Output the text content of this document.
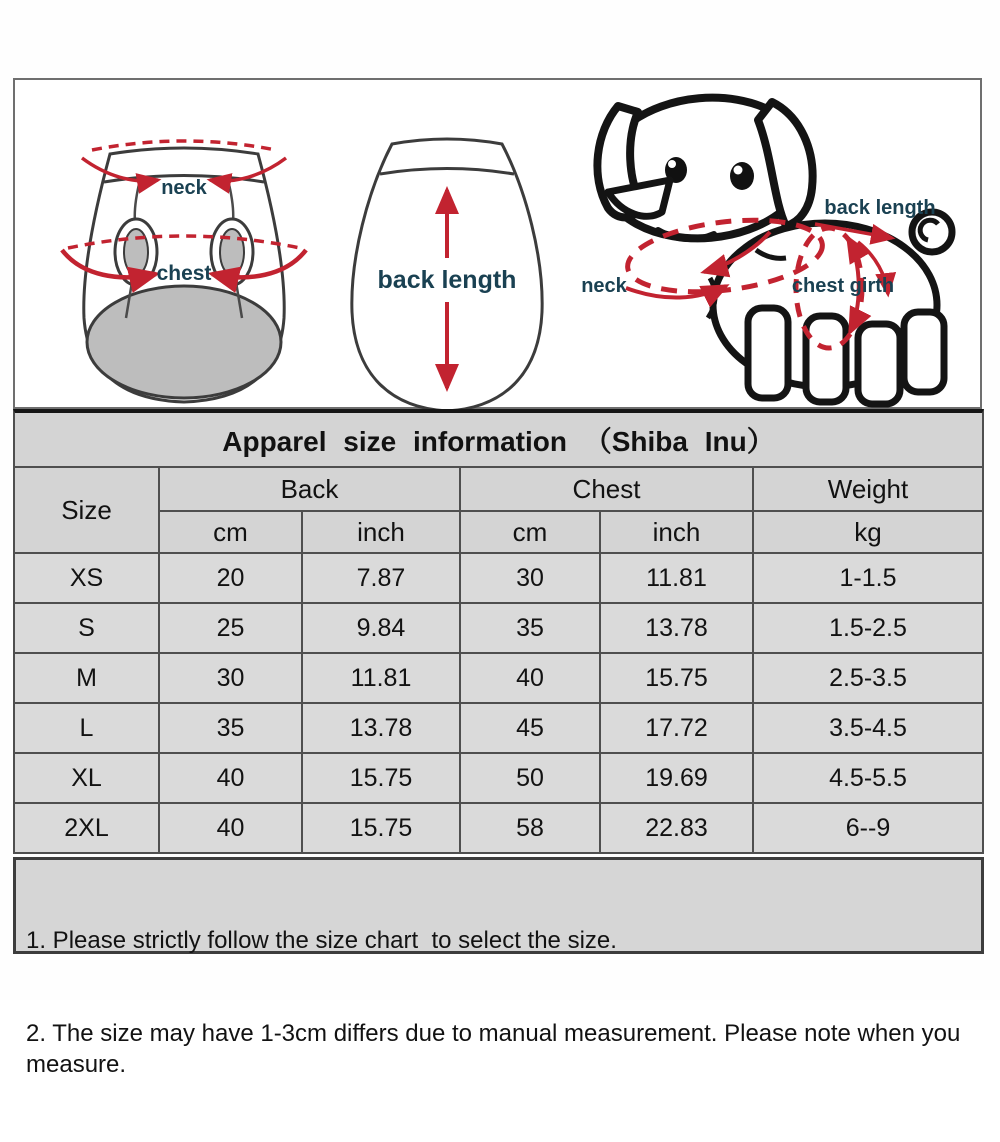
neck
chest	back length	neck
back length
chest girth
Apparel size information （Shiba Inu）
Size	Back		Chest		Weight
	cm	inch	cm	inch	kg
XS	20	7.87	30	11.81	1-1.5
S	25	9.84	35	13.78	1.5-2.5
M	30	11.81	40	15.75	2.5-3.5
L	35	13.78	45	17.72	3.5-4.5
XL	40	15.75	50	19.69	4.5-5.5
2XL	40	15.75	58	22.83	6--9

1. Please strictly follow the size chart  to select the size.

2. The size may have 1-3cm differs due to manual measurement. Please note when you measure.
